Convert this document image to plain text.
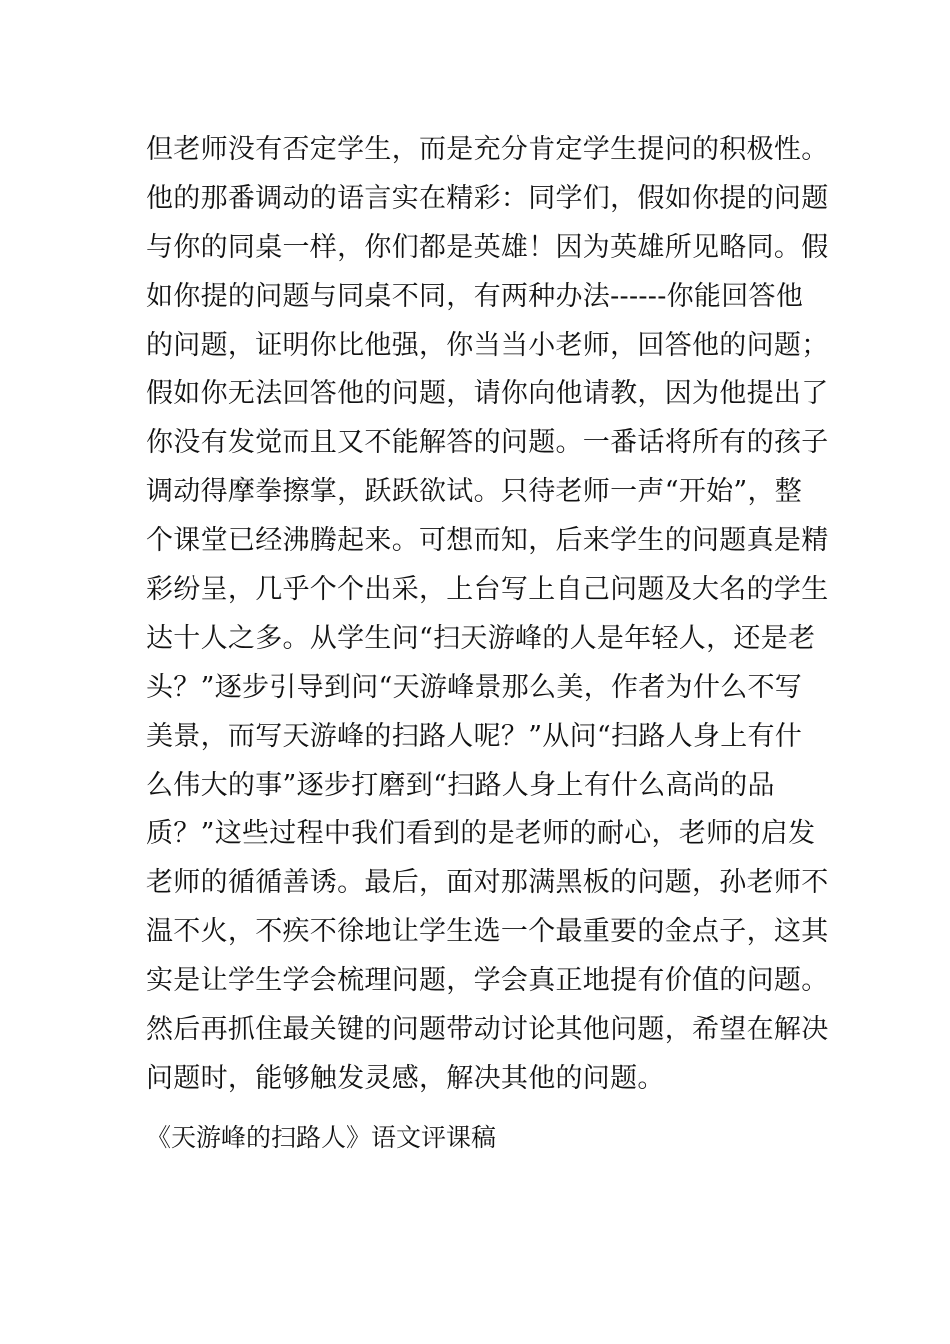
但老师没有否定学生，而是充分肯定学生提问的积极性。
他的那番调动的语言实在精彩：同学们，假如你提的问题
与你的同桌一样，你们都是英雄！因为英雄所见略同。假
如你提的问题与同桌不同，有两种办法------你能回答他
的问题，证明你比他强，你当当小老师，回答他的问题；
假如你无法回答他的问题，请你向他请教，因为他提出了
你没有发觉而且又不能解答的问题。一番话将所有的孩子
调动得摩拳擦掌，跃跃欲试。只待老师一声“开始”，整
个课堂已经沸腾起来。可想而知，后来学生的问题真是精
彩纷呈，几乎个个出采，上台写上自己问题及大名的学生
达十人之多。从学生问“扫天游峰的人是年轻人，还是老
头？”逐步引导到问“天游峰景那么美，作者为什么不写
美景，而写天游峰的扫路人呢？”从问“扫路人身上有什
么伟大的事”逐步打磨到“扫路人身上有什么高尚的品
质？”这些过程中我们看到的是老师的耐心，老师的启发
老师的循循善诱。最后，面对那满黑板的问题，孙老师不
温不火，不疾不徐地让学生选一个最重要的金点子，这其
实是让学生学会梳理问题，学会真正地提有价值的问题。
然后再抓住最关键的问题带动讨论其他问题，希望在解决
问题时，能够触发灵感，解决其他的问题。
《天游峰的扫路人》语文评课稿
